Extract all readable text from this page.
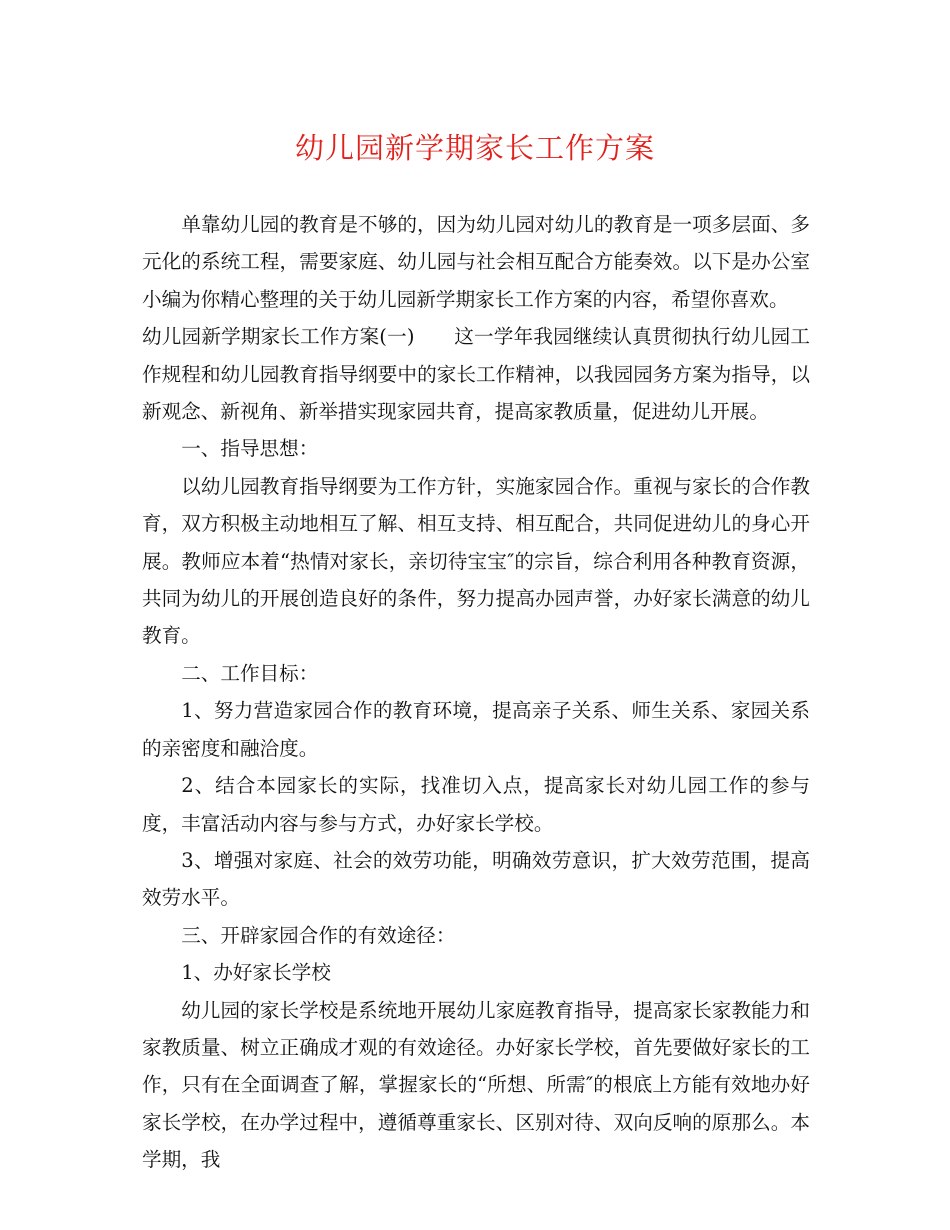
幼儿园新学期家长工作方案

单靠幼儿园的教育是不够的，因为幼儿园对幼儿的教育是一项多层面、多元化的系统工程，需要家庭、幼儿园与社会相互配合方能奏效。以下是办公室小编为你精心整理的关于幼儿园新学期家长工作方案的内容，希望你喜欢。

幼儿园新学期家长工作方案(一)　　这一学年我园继续认真贯彻执行幼儿园工作规程和幼儿园教育指导纲要中的家长工作精神，以我园园务方案为指导，以新观念、新视角、新举措实现家园共育，提高家教质量，促进幼儿开展。

一、指导思想：

以幼儿园教育指导纲要为工作方针，实施家园合作。重视与家长的合作教育，双方积极主动地相互了解、相互支持、相互配合，共同促进幼儿的身心开展。教师应本着“热情对家长，亲切待宝宝″的宗旨，综合利用各种教育资源，共同为幼儿的开展创造良好的条件，努力提高办园声誉，办好家长满意的幼儿教育。

二、工作目标：

1、努力营造家园合作的教育环境，提高亲子关系、师生关系、家园关系的亲密度和融洽度。

2、结合本园家长的实际，找准切入点，提高家长对幼儿园工作的参与度，丰富活动内容与参与方式，办好家长学校。

3、增强对家庭、社会的效劳功能，明确效劳意识，扩大效劳范围，提高效劳水平。

三、开辟家园合作的有效途径：

1、办好家长学校

幼儿园的家长学校是系统地开展幼儿家庭教育指导，提高家长家教能力和家教质量、树立正确成才观的有效途径。办好家长学校，首先要做好家长的工作，只有在全面调查了解，掌握家长的“所想、所需″的根底上方能有效地办好家长学校，在办学过程中，遵循尊重家长、区别对待、双向反响的原那么。本学期，我
